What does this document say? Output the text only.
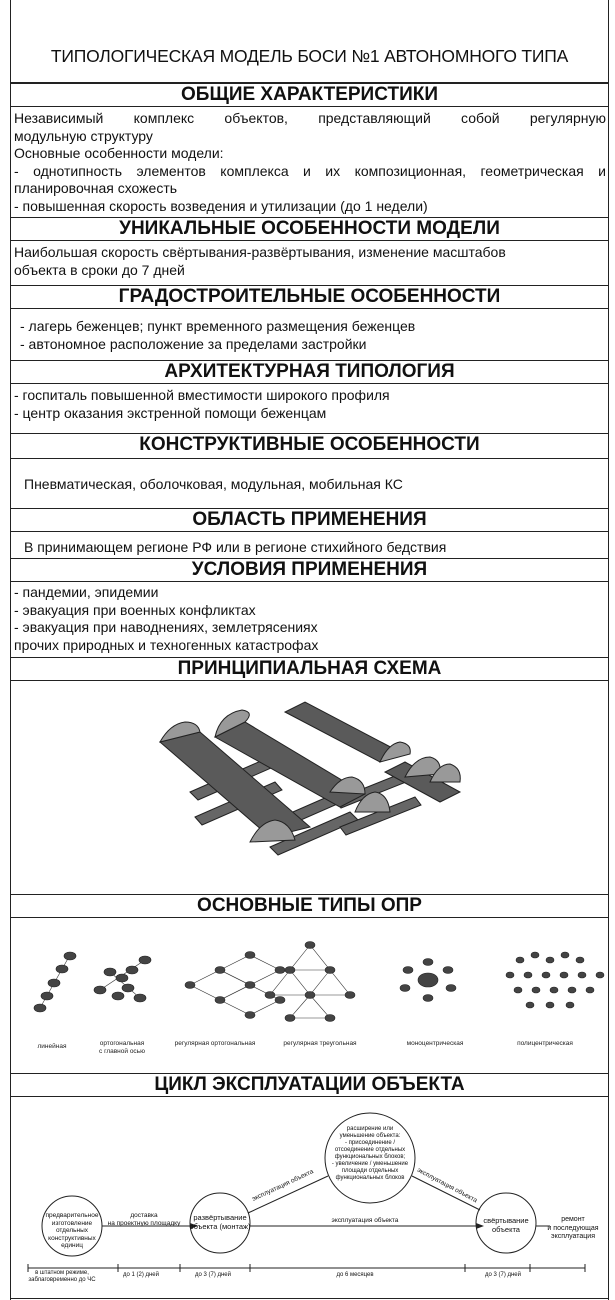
ТИПОЛОГИЧЕСКАЯ МОДЕЛЬ БОСИ №1 АВТОНОМНОГО ТИПА
ОБЩИЕ ХАРАКТЕРИСТИКИ
Независимый комплекс объектов, представляющий собой регулярную
модульную структуру
Основные особенности модели:
- однотипность элементов комплекса и их композиционная, геометрическая и
планировочная схожесть
- повышенная скорость возведения и утилизации (до 1 недели)
УНИКАЛЬНЫЕ ОСОБЕННОСТИ МОДЕЛИ
Наибольшая скорость свёртывания-развёртывания, изменение масштабов
объекта в сроки до 7 дней
ГРАДОСТРОИТЕЛЬНЫЕ ОСОБЕННОСТИ
- лагерь беженцев; пункт временного размещения беженцев
- автономное расположение за пределами застройки
АРХИТЕКТУРНАЯ ТИПОЛОГИЯ
- госпиталь повышенной вместимости широкого профиля
- центр оказания экстренной помощи беженцам
КОНСТРУКТИВНЫЕ ОСОБЕННОСТИ
Пневматическая, оболочковая, модульная, мобильная КС
ОБЛАСТЬ ПРИМЕНЕНИЯ
В принимающем регионе РФ или в регионе стихийного бедствия
УСЛОВИЯ ПРИМЕНЕНИЯ
- пандемии, эпидемии
- эвакуация при военных конфликтах
- эвакуация при наводнениях, землетрясениях
прочих природных и техногенных катастрофах
ПРИНЦИПИАЛЬНАЯ СХЕМА
ОСНОВНЫЕ ТИПЫ ОПР
линейная	ортогональная
с главной осью
регулярная ортогональная	регулярная треугольная	моноцентрическая	полицентрическая
ЦИКЛ ЭКСПЛУАТАЦИИ ОБЪЕКТА
предварительное
изготовление
отдельных
конструктивных
единиц
доставка
на проектную площадку
развёртывание
объекта (монтаж)
эксплуатация объекта
расширение или
уменьшение объекта:
- присоединение /
отсоединение отдельных
функциональных блоков;
- увеличение / уменьшение
площади отдельных
функциональных блоков
эксплуатация объекта
эксплуатация объекта
свёртывание
объекта
ремонт
и последующая
эксплуатация
в штатном режиме,
заблаговременно до ЧС
до 1 (2) дней	до 3 (7) дней	до 6 месяцев	до 3 (7) дней
